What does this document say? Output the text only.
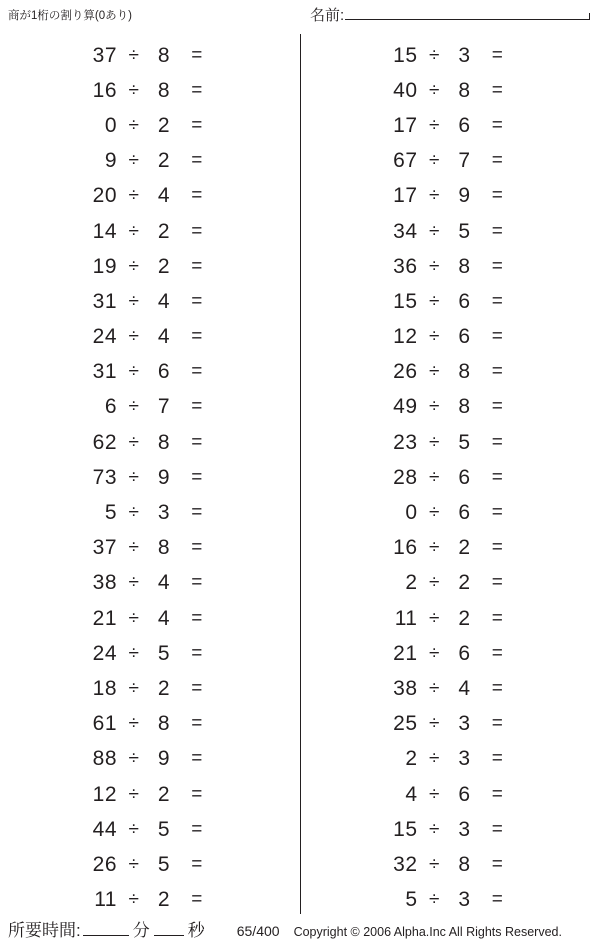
商が1桁の割り算(0あり)	名前:
37 ÷ 8	=
16 ÷ 8	=
0 ÷ 2	=
9 ÷ 2	=
20 ÷ 4	=
14 ÷ 2	=
19 ÷ 2	=
31 ÷ 4	=
24 ÷ 4	=
31 ÷ 6	=
6 ÷ 7	=
62 ÷ 8	=
73 ÷ 9	=
5 ÷ 3	=
37 ÷ 8	=
38 ÷ 4	=
21 ÷ 4	=
24 ÷ 5	=
18 ÷ 2	=
61 ÷ 8	=
88 ÷ 9	=
12 ÷ 2	=
44 ÷ 5	=
26 ÷ 5	=
11 ÷ 2	=
15 ÷ 3	=
40 ÷ 8	=
17 ÷ 6	=
67 ÷ 7	=
17 ÷ 9	=
34 ÷ 5	=
36 ÷ 8	=
15 ÷ 6	=
12 ÷ 6	=
26 ÷ 8	=
49 ÷ 8	=
23 ÷ 5	=
28 ÷ 6	=
0 ÷ 6	=
16 ÷ 2	=
2 ÷ 2	=
11 ÷ 2	=
21 ÷ 6	=
38 ÷ 4	=
25 ÷ 3	=
2 ÷ 3	=
4 ÷ 6	=
15 ÷ 3	=
32 ÷ 8	=
5 ÷ 3	=
所要時間:	分 秒 65/400 Copyright © 2006 Alpha.Inc All Rights Reserved.
